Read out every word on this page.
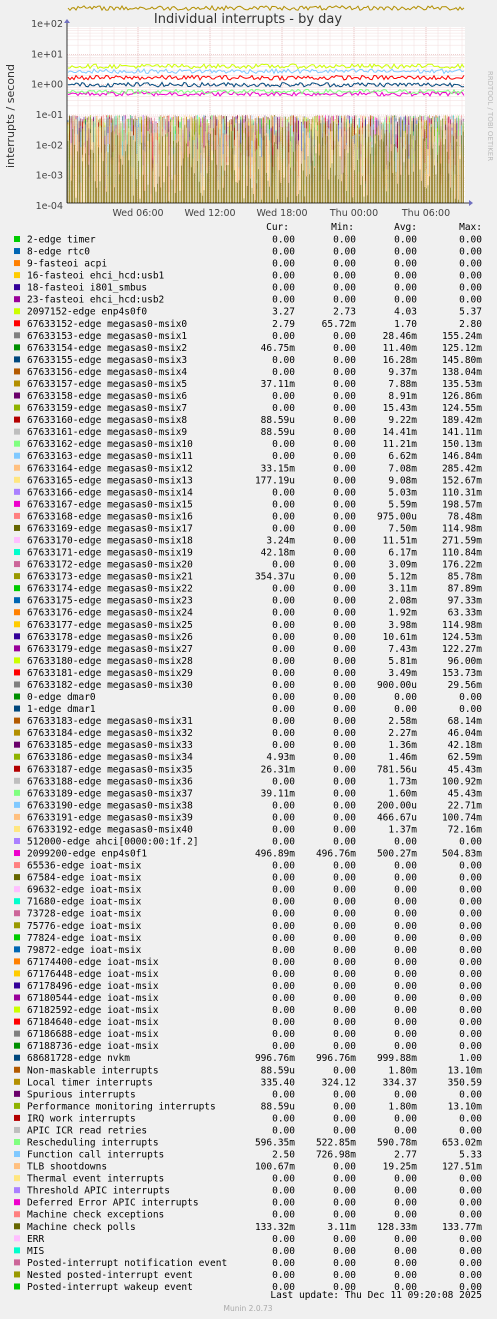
Individual interrupts - by day
interrupts / second	RRDTOOL / TOBI OETIKER
1e+02
1e+01
1e+00
1e-01
1e-02
1e-03
1e-04
Wed 06:00 Wed 12:00 Wed 18:00 Thu 00:00	Thu 06:00
Cur:	Min:	Avg:	Max:
2-edge timer	0.00	0.00	0.00	0.00
8-edge rtc0	0.00	0.00	0.00	0.00
9-fasteoi acpi	0.00	0.00	0.00	0.00
16-fasteoi ehci_hcd:usb1	0.00	0.00	0.00	0.00
18-fasteoi i801_smbus	0.00	0.00	0.00	0.00
23-fasteoi ehci_hcd:usb2	0.00	0.00	0.00	0.00
2097152-edge enp4s0f0	3.27	2.73	4.03	5.37
67633152-edge megasas0-msix0	2.79	65.72m	1.70	2.80
67633153-edge megasas0-msix1	0.00	0.00	28.46m	155.24m
67633154-edge megasas0-msix2	46.75m	0.00	11.40m	125.12m
67633155-edge megasas0-msix3	0.00	0.00	16.28m	145.80m
67633156-edge megasas0-msix4	0.00	0.00	9.37m	138.04m
67633157-edge megasas0-msix5	37.11m	0.00	7.88m	135.53m
67633158-edge megasas0-msix6	0.00	0.00	8.91m	126.86m
67633159-edge megasas0-msix7	0.00	0.00	15.43m	124.55m
67633160-edge megasas0-msix8	88.59u	0.00	9.22m	189.42m
67633161-edge megasas0-msix9	88.59u	0.00	14.41m	141.11m
67633162-edge megasas0-msix10	0.00	0.00	11.21m	150.13m
67633163-edge megasas0-msix11	0.00	0.00	6.62m	146.84m
67633164-edge megasas0-msix12	33.15m	0.00	7.08m	285.42m
67633165-edge megasas0-msix13	177.19u	0.00	9.08m	152.67m
67633166-edge megasas0-msix14	0.00	0.00	5.03m	110.31m
67633167-edge megasas0-msix15	0.00	0.00	5.59m	198.57m
67633168-edge megasas0-msix16	0.00	0.00 975.00u	78.48m
67633169-edge megasas0-msix17	0.00	0.00	7.50m	114.98m
67633170-edge megasas0-msix18	3.24m	0.00	11.51m	271.59m
67633171-edge megasas0-msix19	42.18m	0.00	6.17m	110.84m
67633172-edge megasas0-msix20	0.00	0.00	3.09m	176.22m
67633173-edge megasas0-msix21	354.37u	0.00	5.12m	85.78m
67633174-edge megasas0-msix22	0.00	0.00	3.11m	87.89m
67633175-edge megasas0-msix23	0.00	0.00	2.08m	97.33m
67633176-edge megasas0-msix24	0.00	0.00	1.92m	63.33m
67633177-edge megasas0-msix25	0.00	0.00	3.98m	114.98m
67633178-edge megasas0-msix26	0.00	0.00	10.61m	124.53m
67633179-edge megasas0-msix27	0.00	0.00	7.43m	122.27m
67633180-edge megasas0-msix28	0.00	0.00	5.81m	96.00m
67633181-edge megasas0-msix29	0.00	0.00	3.49m	153.73m
67633182-edge megasas0-msix30	0.00	0.00 900.00u	29.56m
0-edge dmar0	0.00	0.00	0.00	0.00
1-edge dmar1	0.00	0.00	0.00	0.00
67633183-edge megasas0-msix31	0.00	0.00	2.58m	68.14m
67633184-edge megasas0-msix32	0.00	0.00	2.27m	46.04m
67633185-edge megasas0-msix33	0.00	0.00	1.36m	42.18m
67633186-edge megasas0-msix34	4.93m	0.00	1.46m	62.59m
67633187-edge megasas0-msix35	26.31m	0.00 781.56u	45.43m
67633188-edge megasas0-msix36	0.00	0.00	1.73m	100.92m
67633189-edge megasas0-msix37	39.11m	0.00	1.60m	45.43m
67633190-edge megasas0-msix38	0.00	0.00 200.00u	22.71m
67633191-edge megasas0-msix39	0.00	0.00 466.67u	100.74m
67633192-edge megasas0-msix40	0.00	0.00	1.37m	72.16m
512000-edge ahci[0000:00:1f.2]	0.00	0.00	0.00	0.00
2099200-edge enp4s0f1	496.89m 496.76m 500.27m	504.83m
65536-edge ioat-msix	0.00	0.00	0.00	0.00
67584-edge ioat-msix	0.00	0.00	0.00	0.00
69632-edge ioat-msix	0.00	0.00	0.00	0.00
71680-edge ioat-msix	0.00	0.00	0.00	0.00
73728-edge ioat-msix	0.00	0.00	0.00	0.00
75776-edge ioat-msix	0.00	0.00	0.00	0.00
77824-edge ioat-msix	0.00	0.00	0.00	0.00
79872-edge ioat-msix	0.00	0.00	0.00	0.00
67174400-edge ioat-msix	0.00	0.00	0.00	0.00
67176448-edge ioat-msix	0.00	0.00	0.00	0.00
67178496-edge ioat-msix	0.00	0.00	0.00	0.00
67180544-edge ioat-msix	0.00	0.00	0.00	0.00
67182592-edge ioat-msix	0.00	0.00	0.00	0.00
67184640-edge ioat-msix	0.00	0.00	0.00	0.00
67186688-edge ioat-msix	0.00	0.00	0.00	0.00
67188736-edge ioat-msix	0.00	0.00	0.00	0.00
68681728-edge nvkm	996.76m 996.76m 999.88m	1.00
Non-maskable interrupts	88.59u	0.00	1.80m	13.10m
Local timer interrupts	335.40	324.12	334.37	350.59
Spurious interrupts	0.00	0.00	0.00	0.00
Performance monitoring interrupts	88.59u	0.00	1.80m	13.10m
IRQ work interrupts	0.00	0.00	0.00	0.00
APIC ICR read retries	0.00	0.00	0.00	0.00
Rescheduling interrupts	596.35m 522.85m 590.78m	653.02m
Function call interrupts	2.50 726.98m	2.77	5.33
TLB shootdowns	100.67m	0.00	19.25m	127.51m
Thermal event interrupts	0.00	0.00	0.00	0.00
Threshold APIC interrupts	0.00	0.00	0.00	0.00
Deferred Error APIC interrupts	0.00	0.00	0.00	0.00
Machine check exceptions	0.00	0.00	0.00	0.00
Machine check polls	133.32m	3.11m 128.33m	133.77m
ERR	0.00	0.00	0.00	0.00
MIS	0.00	0.00	0.00	0.00
Posted-interrupt notification event	0.00	0.00	0.00	0.00
Nested posted-interrupt event	0.00	0.00	0.00	0.00
Posted-interrupt wakeup event	0.00	0.00	0.00	0.00
Last update: Thu Dec 11 09:20:08 2025
Munin 2.0.73
